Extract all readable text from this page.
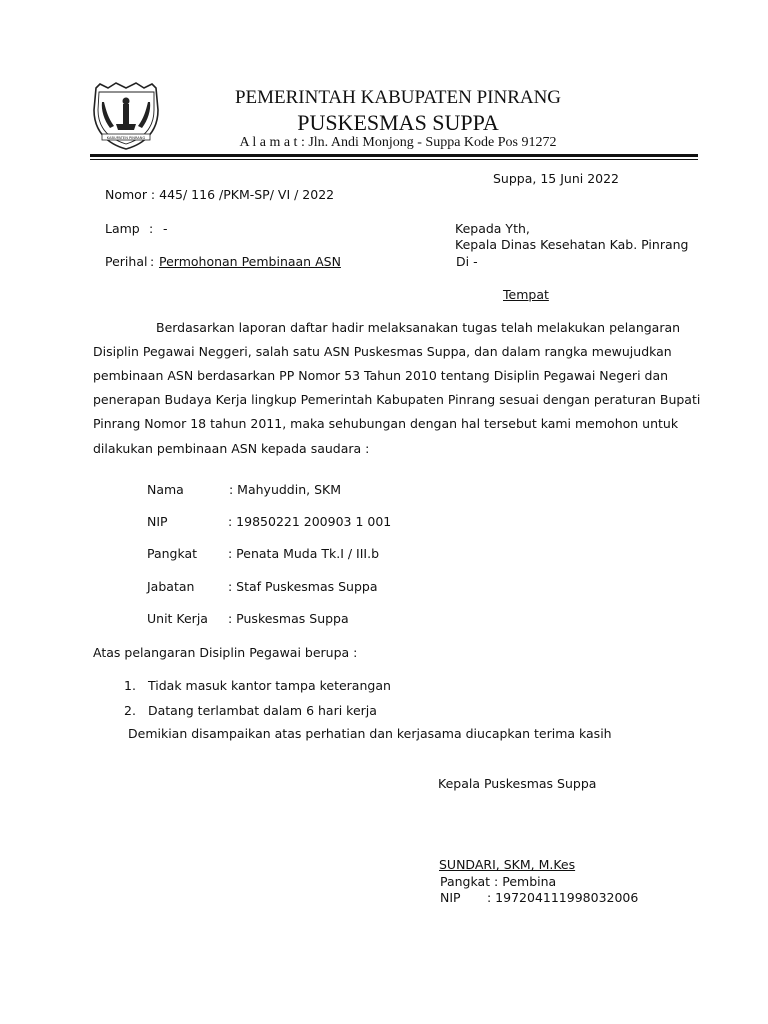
KABUPATEN PINRANG
PEMERINTAH KABUPATEN PINRANG
PUSKESMAS SUPPA
A l a m a t : Jln. Andi Monjong - Suppa Kode Pos 91272
Suppa, 15 Juni 2022
Nomor : 445/ 116 /PKM-SP/ VI / 2022
Lamp : -
Perihal : Permohonan Pembinaan ASN
Kepada Yth,
Kepala Dinas Kesehatan Kab. Pinrang
Di -
Tempat
Berdasarkan laporan daftar hadir melaksanakan tugas telah melakukan pelangaran
Disiplin Pegawai Neggeri, salah satu ASN Puskesmas Suppa, dan dalam rangka mewujudkan
pembinaan ASN berdasarkan PP Nomor 53 Tahun 2010 tentang Disiplin Pegawai Negeri dan
penerapan Budaya Kerja lingkup Pemerintah Kabupaten Pinrang sesuai dengan peraturan Bupati
Pinrang Nomor 18 tahun 2011, maka sehubungan dengan hal tersebut kami memohon untuk
dilakukan pembinaan ASN kepada saudara :
Nama	: Mahyuddin, SKM
NIP	: 19850221 200903 1 001
Pangkat : Penata Muda Tk.I / III.b
Jabatan	: Staf Puskesmas Suppa
Unit Kerja : Puskesmas Suppa
Atas pelangaran Disiplin Pegawai berupa :
1. Tidak masuk kantor tampa keterangan
2. Datang terlambat dalam 6 hari kerja
Demikian disampaikan atas perhatian dan kerjasama diucapkan terima kasih
Kepala Puskesmas Suppa
SUNDARI, SKM, M.Kes
Pangkat : Pembina
NIP : 197204111998032006
